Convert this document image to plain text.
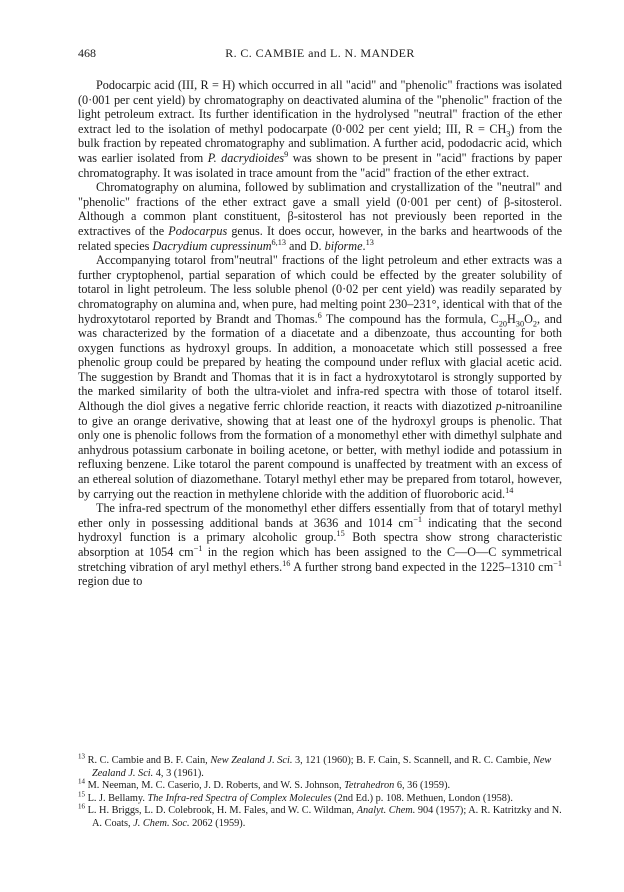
468	R. C. CAMBIE and L. N. MANDER

Podocarpic acid (III, R = H) which occurred in all "acid" and "phenolic" fractions was isolated (0·001 per cent yield) by chromatography on deactivated alumina of the "phenolic" fraction of the light petroleum extract. Its further identification in the hydrolysed "neutral" fraction of the ether extract led to the isolation of methyl podocarpate (0·002 per cent yield; III, $R = CH_3$) from the bulk fraction by repeated chromatography and sublimation. A further acid, pododacric acid, which was earlier isolated from P. dacrydioides$^9$ was shown to be present in "acid" fractions by paper chromatography. It was isolated in trace amount from the "acid" fraction of the ether extract.

Chromatography on alumina, followed by sublimation and crystallization of the "neutral" and "phenolic" fractions of the ether extract gave a small yield (0·001 per cent) of β-sitosterol. Although a common plant constituent, β-sitosterol has not previously been reported in the extractives of the Podocarpus genus. It does occur, however, in the barks and heartwoods of the related species Dacrydium cupressinum$^{6,13}$ and D. biforme.$^{13}$

Accompanying totarol from"neutral" fractions of the light petroleum and ether extracts was a further cryptophenol, partial separation of which could be effected by the greater solubility of totarol in light petroleum. The less soluble phenol (0·02 per cent yield) was readily separated by chromatography on alumina and, when pure, had melting point 230–231°, identical with that of the hydroxytotarol reported by Brandt and Thomas.$^6$ The compound has the formula, $C_{20}H_{30}O_2$, and was characterized by the formation of a diacetate and a dibenzoate, thus accounting for both oxygen functions as hydroxyl groups. In addition, a monoacetate which still possessed a free phenolic group could be prepared by heating the compound under reflux with glacial acetic acid. The suggestion by Brandt and Thomas that it is in fact a hydroxytotarol is strongly supported by the marked similarity of both the ultra-violet and infra-red spectra with those of totarol itself. Although the diol gives a negative ferric chloride reaction, it reacts with diazotized p-nitroaniline to give an orange derivative, showing that at least one of the hydroxyl groups is phenolic. That only one is phenolic follows from the formation of a monomethyl ether with dimethyl sulphate and anhydrous potassium carbonate in boiling acetone, or better, with methyl iodide and potassium in refluxing benzene. Like totarol the parent compound is unaffected by treatment with an excess of an ethereal solution of diazomethane. Totaryl methyl ether may be prepared from totarol, however, by carrying out the reaction in methylene chloride with the addition of fluoroboric acid.$^{14}$

The infra-red spectrum of the monomethyl ether differs essentially from that of totaryl methyl ether only in possessing additional bands at 3636 and 1014 $cm^{-1}$ indicating that the second hydroxyl function is a primary alcoholic group.$^{15}$ Both spectra show strong characteristic absorption at 1054 $cm^{-1}$ in the region which has been assigned to the C—O—C symmetrical stretching vibration of aryl methyl ethers.$^{16}$ A further strong band expected in the 1225–1310 $cm^{-1}$ region due to

$^{13}$ R. C. Cambie and B. F. Cain, New Zealand J. Sci. 3, 121 (1960); B. F. Cain, S. Scannell, and R. C. Cambie, New Zealand J. Sci. 4, 3 (1961).

$^{14}$ M. Neeman, M. C. Caserio, J. D. Roberts, and W. S. Johnson, Tetrahedron 6, 36 (1959).

$^{15}$ L. J. Bellamy. The Infra-red Spectra of Complex Molecules (2nd Ed.) p. 108. Methuen, London (1958).

$^{16}$ L. H. Briggs, L. D. Colebrook, H. M. Fales, and W. C. Wildman, Analyt. Chem. 904 (1957); A. R. Katritzky and N. A. Coats, J. Chem. Soc. 2062 (1959).
